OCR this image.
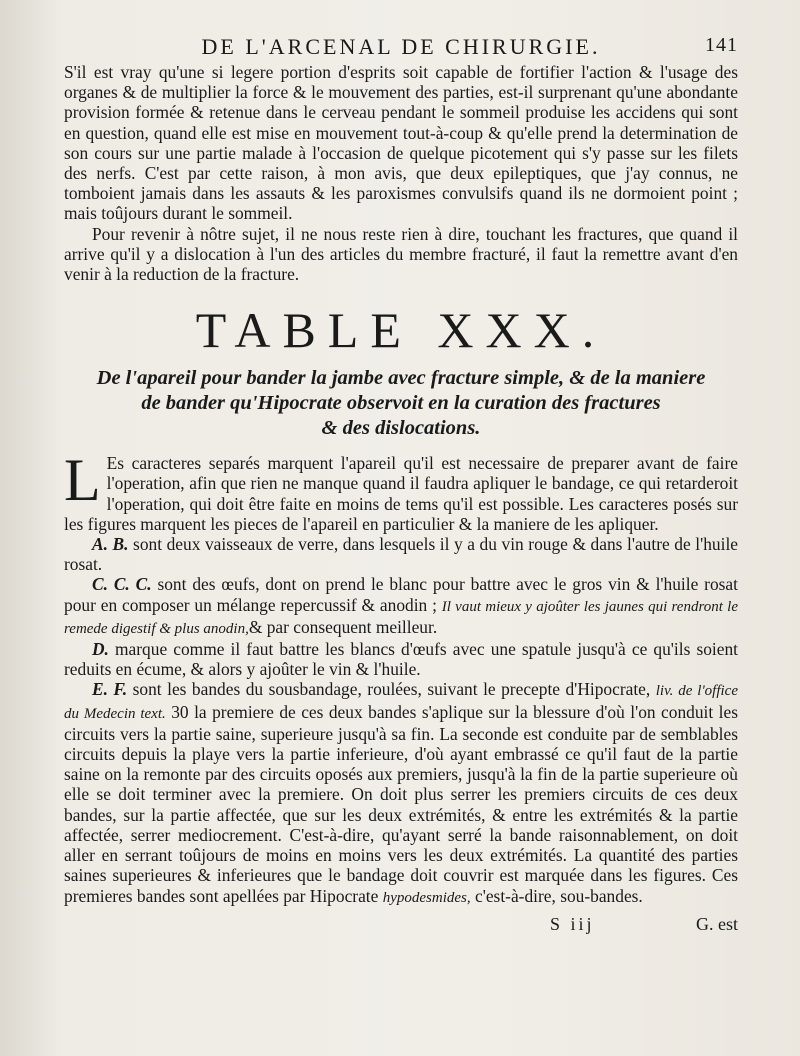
DE L'ARCENAL DE CHIRURGIE.	141

S'il est vray qu'une si legere portion d'esprits soit capable de fortifier l'action & l'usage des organes & de multiplier la force & le mouvement des parties, est-il surprenant qu'une abondante provision formée & retenue dans le cerveau pendant le sommeil produise les accidens qui sont en question, quand elle est mise en mouvement tout-à-coup & qu'elle prend la determination de son cours sur une partie malade à l'occasion de quelque picotement qui s'y passe sur les filets des nerfs. C'est par cette raison, à mon avis, que deux epileptiques, que j'ay connus, ne tomboient jamais dans les assauts & les paroxismes convulsifs quand ils ne dormoient point ; mais toûjours durant le sommeil.

Pour revenir à nôtre sujet, il ne nous reste rien à dire, touchant les fractures, que quand il arrive qu'il y a dislocation à l'un des articles du membre fracturé, il faut la remettre avant d'en venir à la reduction de la fracture.

TABLE XXX.
De l'apareil pour bander la jambe avec fracture simple, & de la maniere
de bander qu'Hipocrate observoit en la curation des fractures
& des dislocations.

L Es caracteres separés marquent l'apareil qu'il est necessaire de preparer avant de faire l'operation, afin que rien ne manque quand il faudra apliquer le bandage, ce qui retarderoit l'operation, qui doit être faite en moins de tems qu'il est possible. Les caracteres posés sur les figures marquent les pieces de l'apareil en particulier & la maniere de les apliquer.

A. B. sont deux vaisseaux de verre, dans lesquels il y a du vin rouge & dans l'autre de l'huile rosat.

C. C. C. sont des œufs, dont on prend le blanc pour battre avec le gros vin & l'huile rosat pour en composer un mélange repercussif & anodin ; Il vaut mieux y ajoûter les jaunes qui rendront le remede digestif & plus anodin,& par consequent meilleur.

D. marque comme il faut battre les blancs d'œufs avec une spatule jusqu'à ce qu'ils soient reduits en écume, & alors y ajoûter le vin & l'huile.

E. F. sont les bandes du sousbandage, roulées, suivant le precepte d'Hipocrate, liv. de l'office du Medecin text. 30 la premiere de ces deux bandes s'aplique sur la blessure d'où l'on conduit les circuits vers la partie saine, superieure jusqu'à sa fin. La seconde est conduite par de semblables circuits depuis la playe vers la partie inferieure, d'où ayant embrassé ce qu'il faut de la partie saine on la remonte par des circuits oposés aux premiers, jusqu'à la fin de la partie superieure où elle se doit terminer avec la premiere. On doit plus serrer les premiers circuits de ces deux bandes, sur la partie affectée, que sur les deux extrémités, & entre les extrémités & la partie affectée, serrer mediocrement. C'est-à-dire, qu'ayant serré la bande raisonnablement, on doit aller en serrant toûjours de moins en moins vers les deux extrémités. La quantité des parties saines superieures & inferieures que le bandage doit couvrir est marquée dans les figures. Ces premieres bandes sont apellées par Hipocrate hypodesmides, c'est-à-dire, sou-bandes.

S iij	G. est
